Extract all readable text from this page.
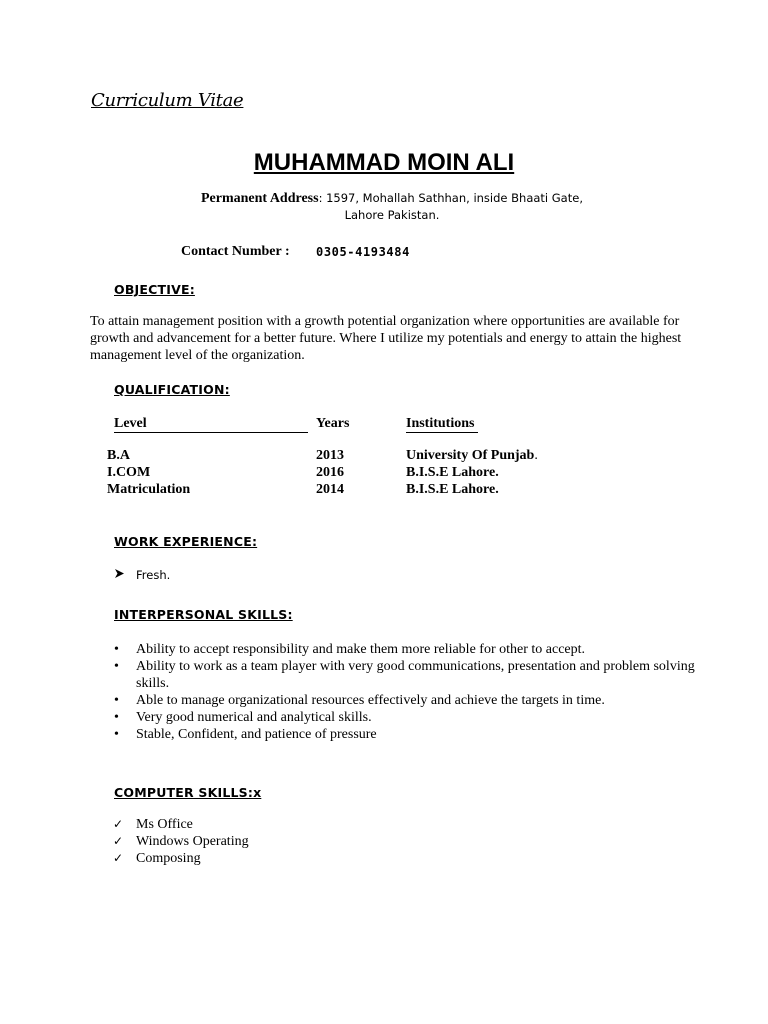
Curriculum Vitae
MUHAMMAD MOIN ALI
Permanent Address: 1597, Mohallah Sathhan, inside Bhaati Gate, Lahore Pakistan.
Contact Number : 0305-4193484
OBJECTIVE:
To attain management position with a growth potential organization where opportunities are available for growth and advancement for a better future. Where I utilize my potentials and energy to attain the highest management level of the organization.
QUALIFICATION:
Level	Years	Institutions
B.A	2013	University Of Punjab.
I.COM	2016	B.I.S.E Lahore.
Matriculation	2014	B.I.S.E Lahore.
WORK EXPERIENCE:
Fresh.
INTERPERSONAL SKILLS:
• Ability to accept responsibility and make them more reliable for other to accept.
• Ability to work as a team player with very good communications, presentation and problem solving skills.
• Able to manage organizational resources effectively and achieve the targets in time.
• Very good numerical and analytical skills.
• Stable, Confident, and patience of pressure
COMPUTER SKILLS:x
✓ Ms Office
✓ Windows Operating
✓ Composing
